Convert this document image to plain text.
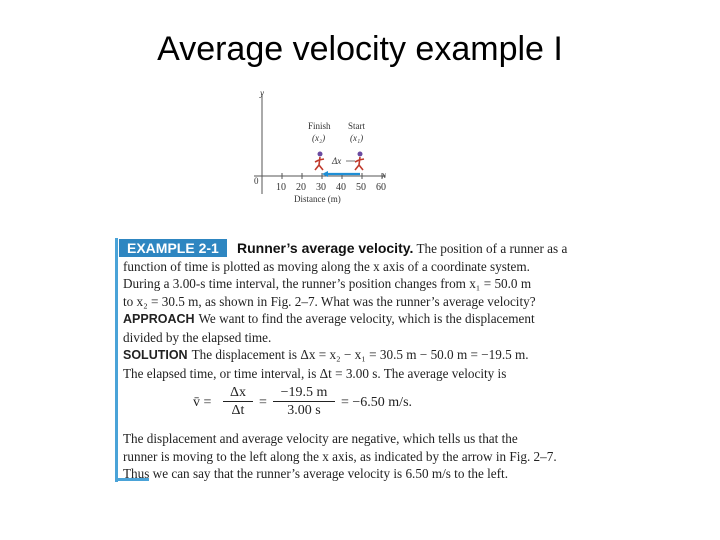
Average velocity example I
y
x
0
10 20 30 40 50 60
Distance (m)
Finish
(x₂)
Start
(x₁)
Δx
EXAMPLE 2-1	Runner’s average velocity. The position of a runner as a

function of time is plotted as moving along the x axis of a coordinate system.

During a 3.00-s time interval, the runner’s position changes from x₁ = 50.0 m

to x₂ = 30.5 m, as shown in Fig. 2–7. What was the runner’s average velocity?

APPROACH We want to find the average velocity, which is the displacement

divided by the elapsed time.

SOLUTION The displacement is Δx = x₂ − x₁ = 30.5 m − 50.0 m = −19.5 m.

The elapsed time, or time interval, is Δt = 3.00 s. The average velocity is

v̄ = $\frac{\Delta x}{\Delta t} = \frac{-19.5 m}{3.00 s} = -6.50$ m/s.

The displacement and average velocity are negative, which tells us that the

runner is moving to the left along the x axis, as indicated by the arrow in Fig. 2–7.

Thus we can say that the runner’s average velocity is 6.50 m/s to the left.
